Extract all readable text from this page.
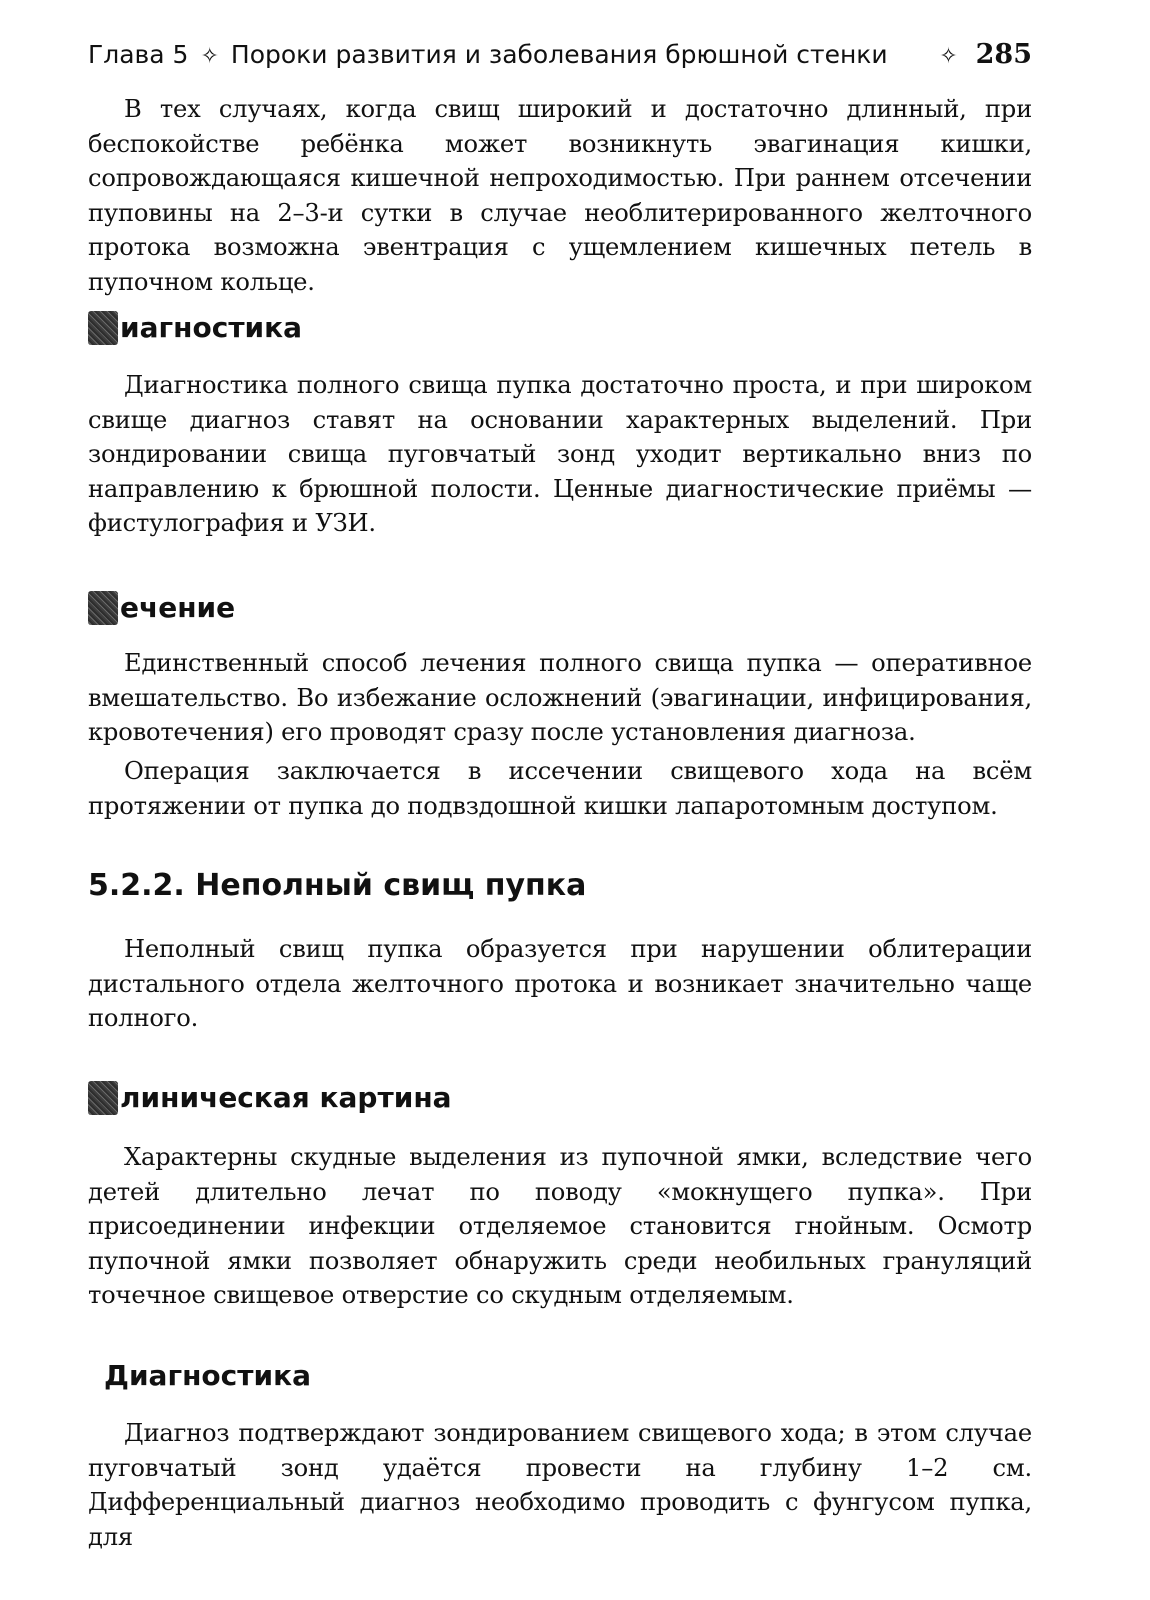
Глава 5 ✧ Пороки развития и заболевания брюшной стенки ✧ 285

В тех случаях, когда свищ широкий и достаточно длинный, при беспокойстве ребёнка может возникнуть эвагинация кишки, сопровождающаяся кишечной непроходимостью. При раннем отсечении пуповины на 2–3-и сутки в случае необлитерированного желточного протока возможна эвентрация с ущемлением кишечных петель в пупочном кольце.

иагностика

Диагностика полного свища пупка достаточно проста, и при широком свище диагноз ставят на основании характерных выделений. При зондировании свища пуговчатый зонд уходит вертикально вниз по направлению к брюшной полости. Ценные диагностические приёмы — фистулография и УЗИ.

ечение

Единственный способ лечения полного свища пупка — оперативное вмешательство. Во избежание осложнений (эвагинации, инфицирования, кровотечения) его проводят сразу после установления диагноза.

Операция заключается в иссечении свищевого хода на всём протяжении от пупка до подвздошной кишки лапаротомным доступом.

5.2.2. Неполный свищ пупка

Неполный свищ пупка образуется при нарушении облитерации дистального отдела желточного протока и возникает значительно чаще полного.

линическая картина

Характерны скудные выделения из пупочной ямки, вследствие чего детей длительно лечат по поводу «мокнущего пупка». При присоединении инфекции отделяемое становится гнойным. Осмотр пупочной ямки позволяет обнаружить среди необильных грануляций точечное свищевое отверстие со скудным отделяемым.

Диагностика

Диагноз подтверждают зондированием свищевого хода; в этом случае пуговчатый зонд удаётся провести на глубину 1–2 см. Дифференциальный диагноз необходимо проводить с фунгусом пупка, для
